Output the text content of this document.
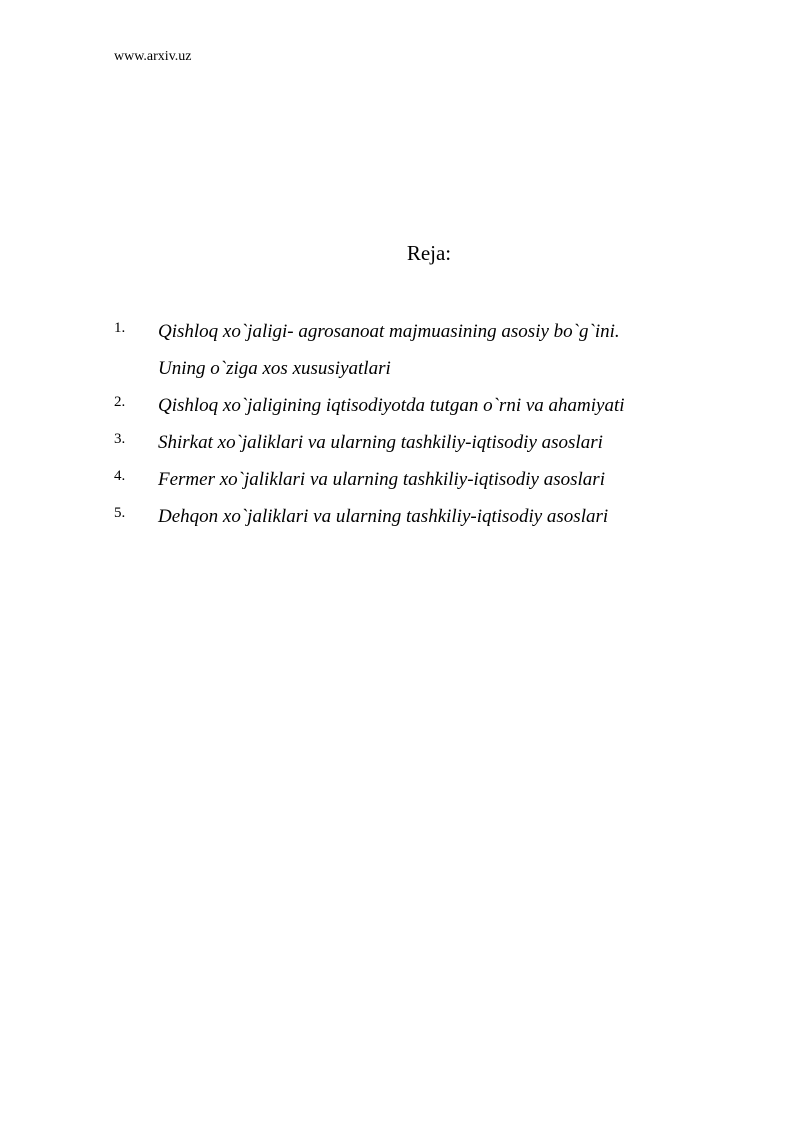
www.arxiv.uz
Reja:
1. Qishloq xo`jaligi- agrosanoat majmuasining asosiy bo`g`ini.
Uning o`ziga xos xususiyatlari
2. Qishloq xo`jaligining iqtisodiyotda tutgan o`rni va ahamiyati
3. Shirkat xo`jaliklari va ularning tashkiliy-iqtisodiy asoslari
4. Fermer xo`jaliklari va ularning tashkiliy-iqtisodiy asoslari
5. Dehqon xo`jaliklari va ularning tashkiliy-iqtisodiy asoslari
